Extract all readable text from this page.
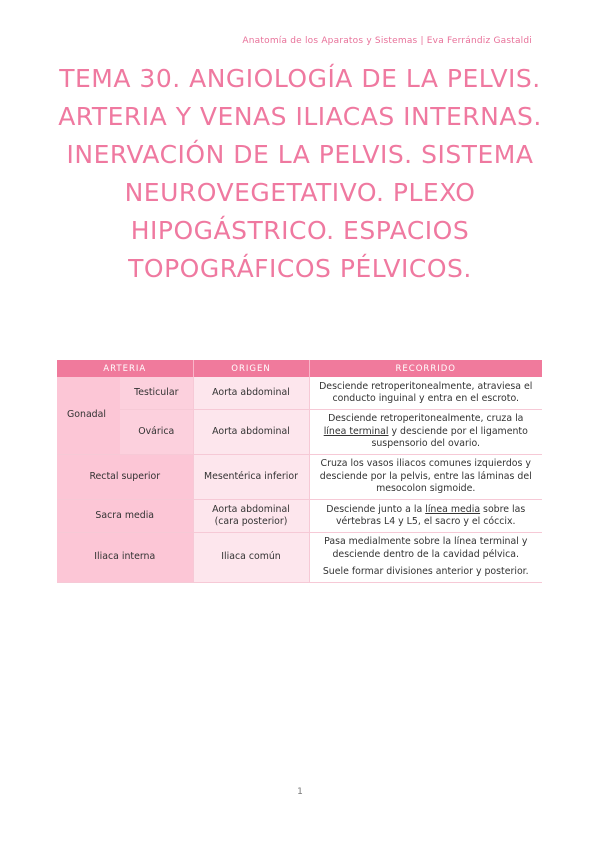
Anatomía de los Aparatos y Sistemas | Eva Ferrándiz Gastaldi
TEMA 30. ANGIOLOGÍA DE LA PELVIS.
ARTERIA Y VENAS ILIACAS INTERNAS.
INERVACIÓN DE LA PELVIS. SISTEMA
NEUROVEGETATIVO. PLEXO
HIPOGÁSTRICO. ESPACIOS
TOPOGRÁFICOS PÉLVICOS.
ARTERIA		ORIGEN	RECORRIDO
Gonadal	Testicular	Aorta abdominal	Desciende retroperitonealmente, atraviesa el conducto inguinal y entra en el escroto.
	Ovárica	Aorta abdominal	Desciende retroperitonealmente, cruza la línea terminal y desciende por el ligamento suspensorio del ovario.
Rectal superior		Mesentérica inferior	Cruza los vasos iliacos comunes izquierdos y desciende por la pelvis, entre las láminas del mesocolon sigmoide.
Sacra media		Aorta abdominal (cara posterior)	Desciende junto a la línea media sobre las vértebras L4 y L5, el sacro y el cóccix.
Iliaca interna		Iliaca común	Pasa medialmente sobre la línea terminal y desciende dentro de la cavidad pélvica.
Suele formar divisiones anterior y posterior.
1
